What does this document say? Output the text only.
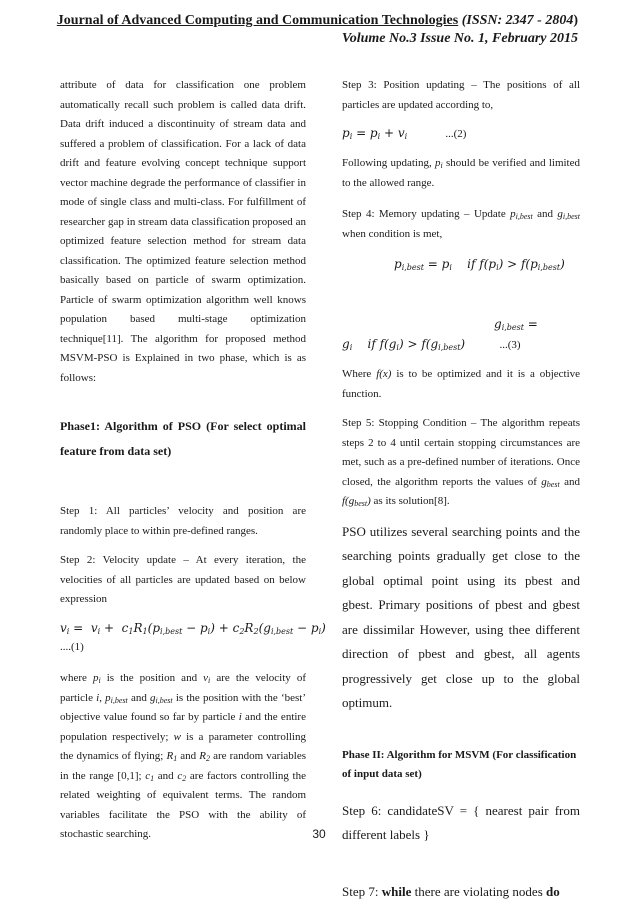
Journal of Advanced Computing and Communication Technologies (ISSN: 2347 - 2804)
Volume No.3 Issue No. 1, February 2015

attribute of data for classification one problem automatically recall such problem is called data drift. Data drift induced a discontinuity of stream data and suffered a problem of classification. For a lack of data drift and feature evolving concept technique support vector machine degrade the performance of classifier in mode of single class and multi-class. For fulfillment of researcher gap in stream data classification proposed an optimized feature selection method for stream data classification. The optimized feature selection method basically based on particle of swarm optimization. Particle of swarm optimization algorithm well knows population based multi-stage optimization technique[11]. The algorithm for proposed method MSVM-PSO is Explained in two phase, which is as follows:

Phase1: Algorithm of PSO (For select optimal feature from data set)

Step 1: All particles’ velocity and position are randomly place to within pre-defined ranges.

Step 2: Velocity update – At every iteration, the velocities of all particles are updated based on below expression

$v_i = v_i + c_1R_1(p_{i,best} - p_i) + c_2R_2(g_{i,best} - p_i)$

....(1)

where $p_i$ is the position and $v_i$ are the velocity of particle i, $p_{i,best}$ and $g_{i,best}$ is the position with the ‘best’ objective value found so far by particle i and the entire population respectively; w is a parameter controlling the dynamics of flying; $R_1$ and $R_2$ are random variables in the range [0,1]; $c_1$ and $c_2$ are factors controlling the related weighting of equivalent terms. The random variables facilitate the PSO with the ability of stochastic searching.

Step 3: Position updating – The positions of all particles are updated according to,

$p_i = p_i + v_i$	...(2)

Following updating, $p_i$ should be verified and limited to the allowed range.

Step 4: Memory updating – Update $p_{i,best}$ and $g_{i,best}$ when condition is met,

$p_{i,best} = p_i$    if $f(p_i) > f(p_{i,best})$

$g_{i,best}$ =

$g_i$    if $f(g_i) > f(g_{i,best})$         ...(3)

Where f(x) is to be optimized and it is a objective function.

Step 5: Stopping Condition – The algorithm repeats steps 2 to 4 until certain stopping circumstances are met, such as a pre-defined number of iterations. Once closed, the algorithm reports the values of $g_{best}$ and $f(g_{best})$ as its solution[8].

PSO utilizes several searching points and the searching points gradually get close to the global optimal point using its pbest and gbest. Primary positions of pbest and gbest are dissimilar However, using thee different direction of pbest and gbest, all agents progressively get close up to the global optimum.

Phase II: Algorithm for MSVM (For classification of input data set)

Step 6: candidateSV = { nearest pair from different labels }

Step 7: while there are violating nodes do

30
